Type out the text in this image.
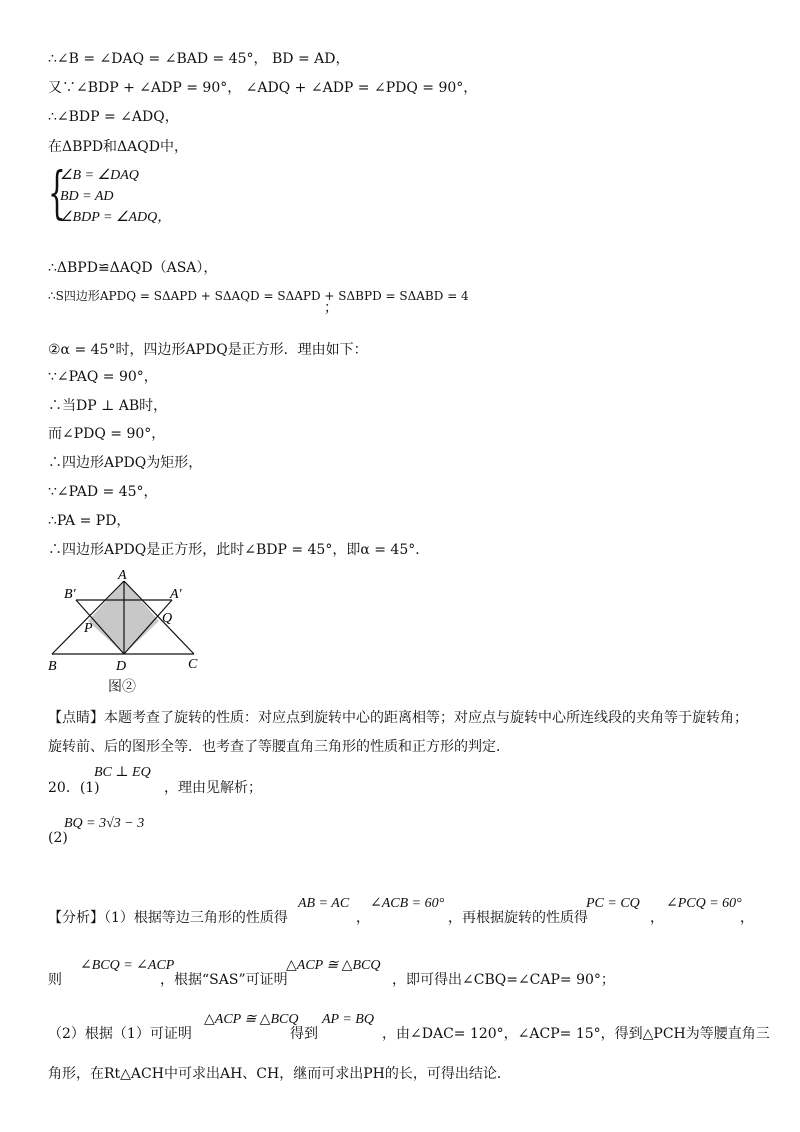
∴∠B = ∠DAQ = ∠BAD = 45°， BD = AD，
又∵∠BDP + ∠ADP = 90°， ∠ADQ + ∠ADP = ∠PDQ = 90°，
∴∠BDP = ∠ADQ，
在ΔBPD和ΔAQD中，
{
∠B = ∠DAQ
BD = AD
∠BDP = ∠ADQ，
∴ΔBPD≌ΔAQD（ASA），
∴S四边形APDQ = SΔAPD + SΔAQD = SΔAPD + SΔBPD = SΔABD = 4
；
②α = 45°时，四边形APDQ是正方形．理由如下：
∵∠PAQ = 90°，
∴当DP ⊥ AB时，
而∠PDQ = 90°，
∴四边形APDQ为矩形，
∵∠PAD = 45°，
∴PA = PD，
∴四边形APDQ是正方形，此时∠BDP = 45°，即α = 45°．
A
B′	A′
P
Q
B	D	C
图②
【点睛】本题考查了旋转的性质：对应点到旋转中心的距离相等；对应点与旋转中心所连线段的夹角等于旋转角；
旋转前、后的图形全等．也考查了等腰直角三角形的性质和正方形的判定．
20．(1)
BC ⊥ EQ
，理由见解析；
(2)
BQ = 3√3 − 3
【分析】（1）根据等边三角形的性质得
AB = AC
，
∠ACB = 60°
，再根据旋转的性质得
PC = CQ
，
∠PCQ = 60°
，
则
∠BCQ = ∠ACP
，根据“SAS”可证明
△ACP ≅ △BCQ
，即可得出∠CBQ=∠CAP= 90°；
（2）根据（1）可证明
△ACP ≅ △BCQ
得到
AP = BQ
，由∠DAC= 120°，∠ACP= 15°，得到△PCH为等腰直角三
角形，在Rt△ACH中可求出AH、CH，继而可求出PH的长，可得出结论．
